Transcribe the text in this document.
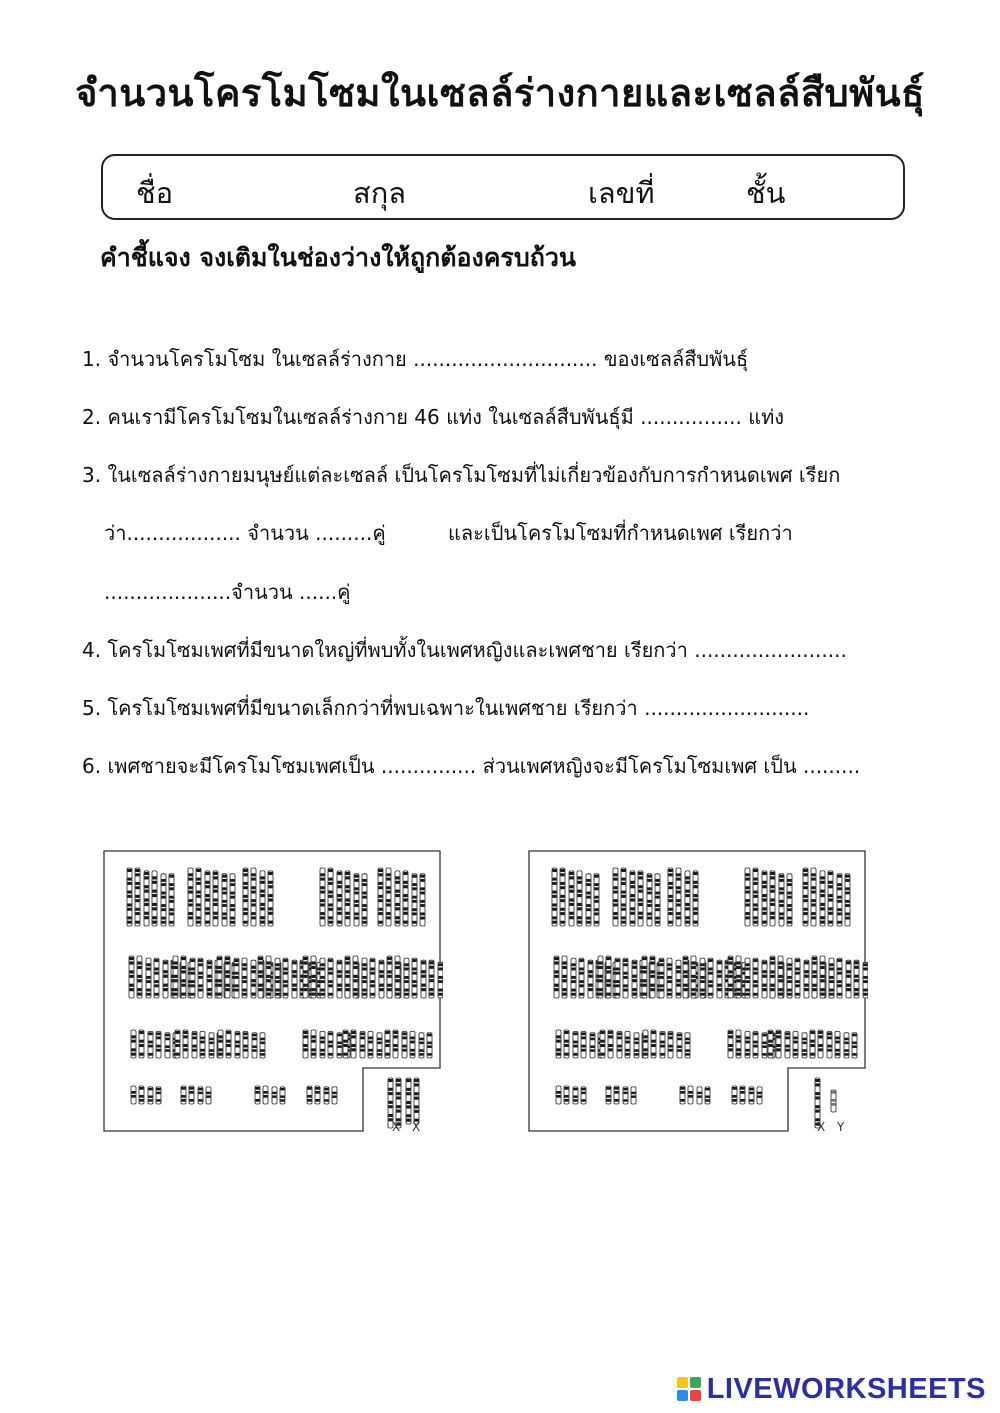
จำนวนโครโมโซมในเซลล์ร่างกายและเซลล์สืบพันธุ์
ชื่อ	สกุล	เลขที่	ชั้น
คำชี้แจง จงเติมในช่องว่างให้ถูกต้องครบถ้วน
1. จำนวนโครโมโซม ในเซลล์ร่างกาย ............................. ของเซลล์สืบพันธุ์
2. คนเรามีโครโมโซมในเซลล์ร่างกาย 46 แท่ง ในเซลล์สืบพันธุ์มี ................ แท่ง
3. ในเซลล์ร่างกายมนุษย์แต่ละเซลล์ เป็นโครโมโซมที่ไม่เกี่ยวข้องกับการกำหนดเพศ เรียก
ว่า.................. จำนวน .........คู่	และเป็นโครโมโซมที่กำหนดเพศ เรียกว่า
....................จำนวน ......คู่
4. โครโมโซมเพศที่มีขนาดใหญ่ที่พบทั้งในเพศหญิงและเพศชาย เรียกว่า ........................
5. โครโมโซมเพศที่มีขนาดเล็กกว่าที่พบเฉพาะในเพศชาย เรียกว่า ..........................
6. เพศชายจะมีโครโมโซมเพศเป็น ............... ส่วนเพศหญิงจะมีโครโมโซมเพศ เป็น .........
X X	X Y
LIVEWORKSHEETS
